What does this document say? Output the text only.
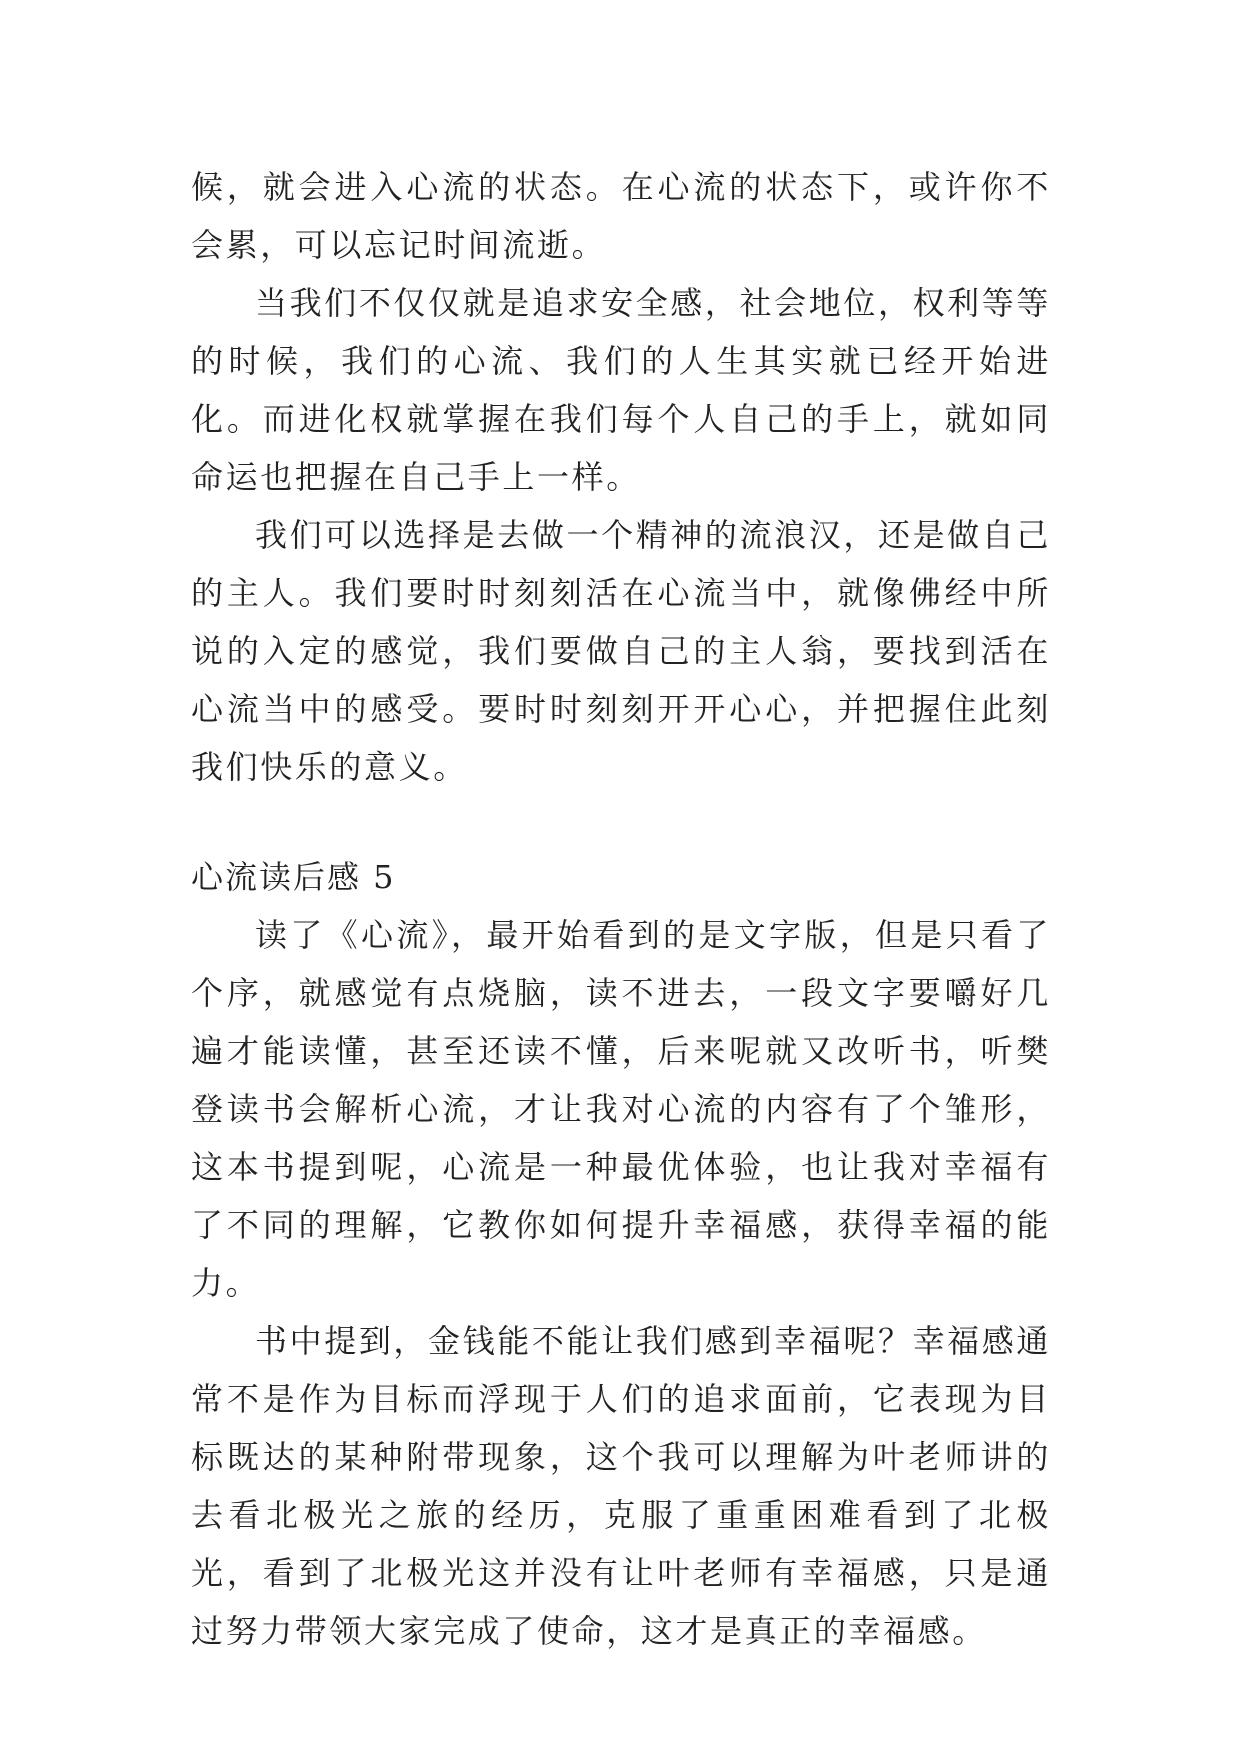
候，就会进入心流的状态。在心流的状态下，或许你不会累，可以忘记时间流逝。

当我们不仅仅就是追求安全感，社会地位，权利等等的时候，我们的心流、我们的人生其实就已经开始进化。而进化权就掌握在我们每个人自己的手上，就如同命运也把握在自己手上一样。

我们可以选择是去做一个精神的流浪汉，还是做自己的主人。我们要时时刻刻活在心流当中，就像佛经中所说的入定的感觉，我们要做自己的主人翁，要找到活在心流当中的感受。要时时刻刻开开心心，并把握住此刻我们快乐的意义。

心流读后感 5

读了《心流》，最开始看到的是文字版，但是只看了个序，就感觉有点烧脑，读不进去，一段文字要嚼好几遍才能读懂，甚至还读不懂，后来呢就又改听书，听樊登读书会解析心流，才让我对心流的内容有了个雏形，这本书提到呢，心流是一种最优体验，也让我对幸福有了不同的理解，它教你如何提升幸福感，获得幸福的能力。

书中提到，金钱能不能让我们感到幸福呢？幸福感通常不是作为目标而浮现于人们的追求面前，它表现为目标既达的某种附带现象，这个我可以理解为叶老师讲的去看北极光之旅的经历，克服了重重困难看到了北极光，看到了北极光这并没有让叶老师有幸福感，只是通过努力带领大家完成了使命，这才是真正的幸福感。
